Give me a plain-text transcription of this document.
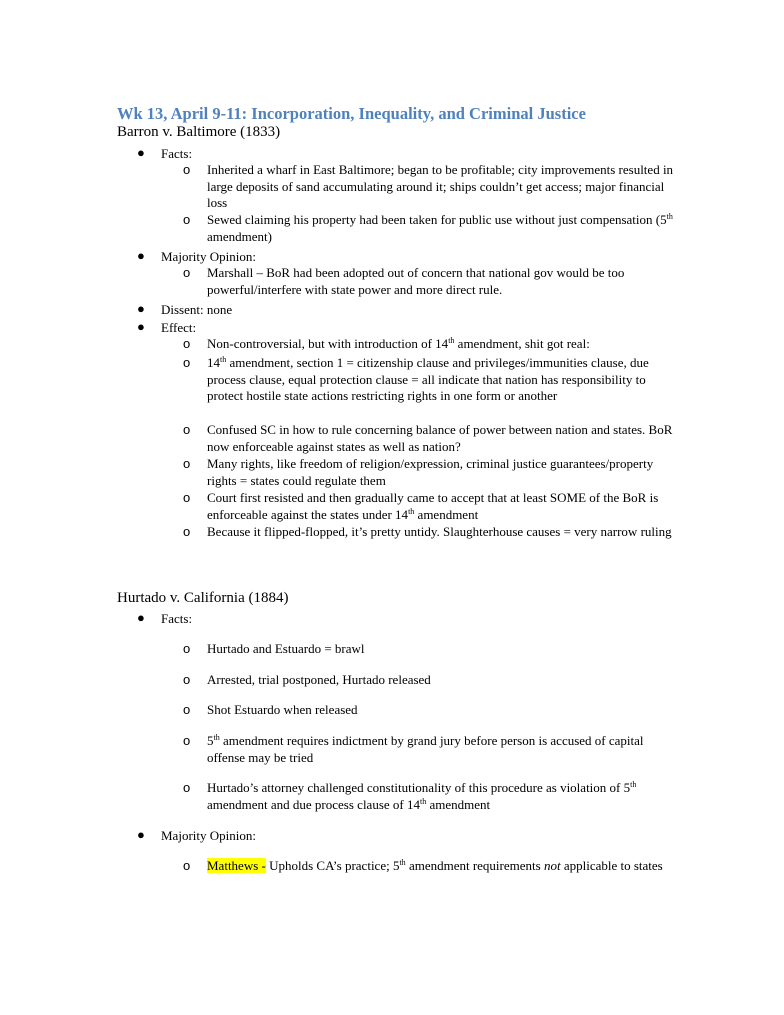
Wk 13, April 9-11: Incorporation, Inequality, and Criminal Justice
Barron v. Baltimore (1833)
● Facts:
o Inherited a wharf in East Baltimore; began to be profitable; city improvements resulted in large deposits of sand accumulating around it; ships couldn’t get access; major financial loss
o Sewed claiming his property had been taken for public use without just compensation (5th amendment)
● Majority Opinion:
o Marshall – BoR had been adopted out of concern that national gov would be too powerful/interfere with state power and more direct rule.
● Dissent: none
● Effect:
o Non-controversial, but with introduction of 14th amendment, shit got real:
o 14th amendment, section 1 = citizenship clause and privileges/immunities clause, due process clause, equal protection clause = all indicate that nation has responsibility to protect hostile state actions restricting rights in one form or another
o Confused SC in how to rule concerning balance of power between nation and states. BoR now enforceable against states as well as nation?
o Many rights, like freedom of religion/expression, criminal justice guarantees/property rights = states could regulate them
o Court first resisted and then gradually came to accept that at least SOME of the BoR is enforceable against the states under 14th amendment
o Because it flipped-flopped, it’s pretty untidy. Slaughterhouse causes = very narrow ruling
Hurtado v. California (1884)
● Facts:
o Hurtado and Estuardo = brawl
o Arrested, trial postponed, Hurtado released
o Shot Estuardo when released
o 5th amendment requires indictment by grand jury before person is accused of capital offense may be tried
o Hurtado’s attorney challenged constitutionality of this procedure as violation of 5th amendment and due process clause of 14th amendment
● Majority Opinion:
o Matthews - Upholds CA’s practice; 5th amendment requirements not applicable to states
